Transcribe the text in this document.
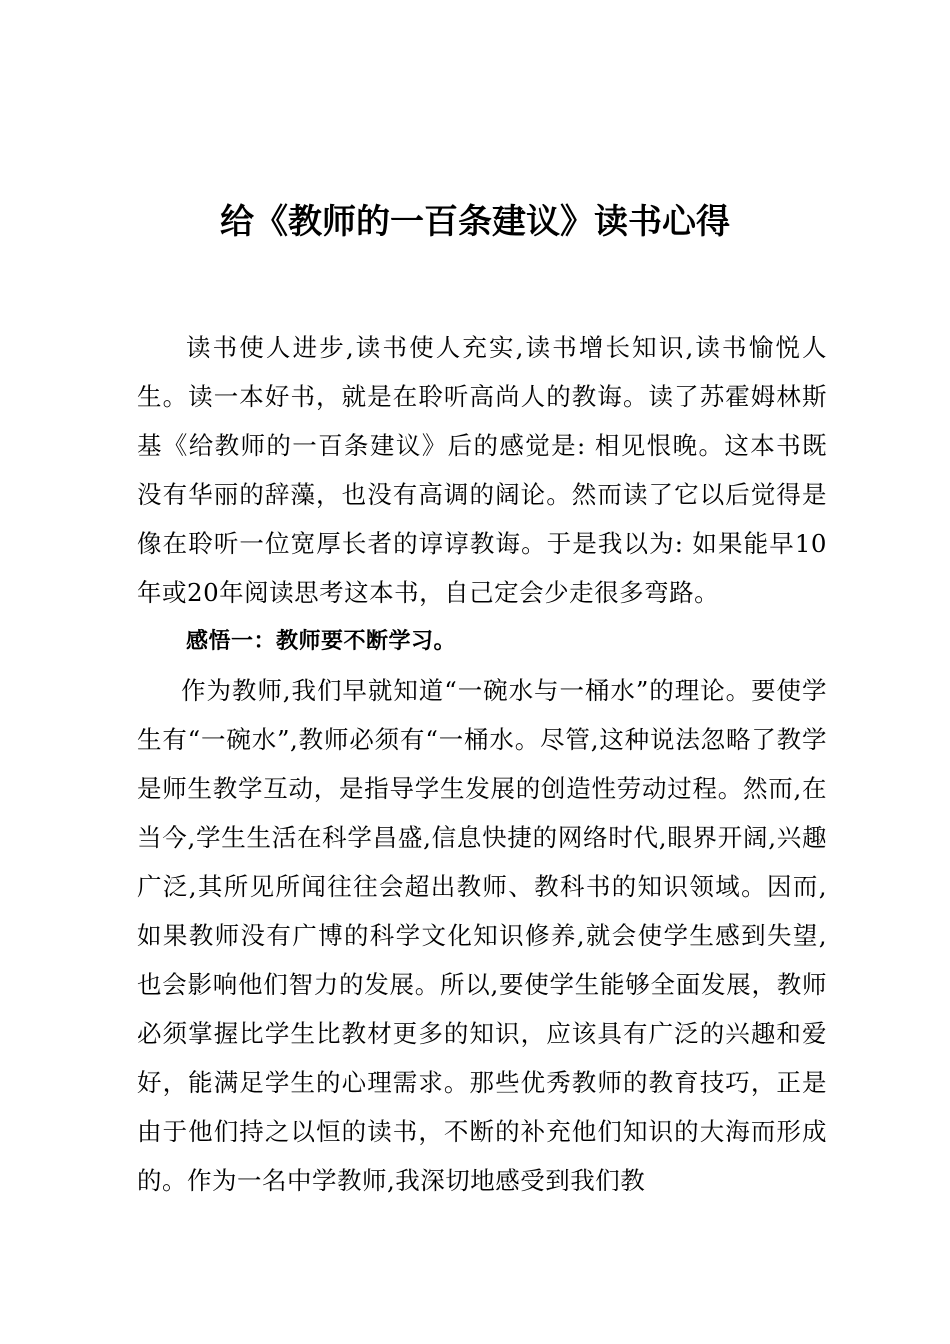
给《教师的一百条建议》读书心得

读书使人进步,读书使人充实,读书增长知识,读书愉悦人生。读一本好书，就是在聆听高尚人的教诲。读了苏霍姆林斯基《给教师的一百条建议》后的感觉是: 相见恨晚。这本书既没有华丽的辞藻，也没有高调的阔论。然而读了它以后觉得是像在聆听一位宽厚长者的谆谆教诲。于是我以为: 如果能早10年或20年阅读思考这本书，自己定会少走很多弯路。

感悟一：教师要不断学习。

作为教师,我们早就知道“一碗水与一桶水”的理论。要使学生有“一碗水”,教师必须有“一桶水。尽管,这种说法忽略了教学是师生教学互动，是指导学生发展的创造性劳动过程。然而,在当今,学生生活在科学昌盛,信息快捷的网络时代,眼界开阔,兴趣广泛,其所见所闻往往会超出教师、教科书的知识领域。因而,如果教师没有广博的科学文化知识修养,就会使学生感到失望,也会影响他们智力的发展。所以,要使学生能够全面发展，教师必须掌握比学生比教材更多的知识，应该具有广泛的兴趣和爱好，能满足学生的心理需求。那些优秀教师的教育技巧，正是由于他们持之以恒的读书，不断的补充他们知识的大海而形成的。作为一名中学教师,我深切地感受到我们教
